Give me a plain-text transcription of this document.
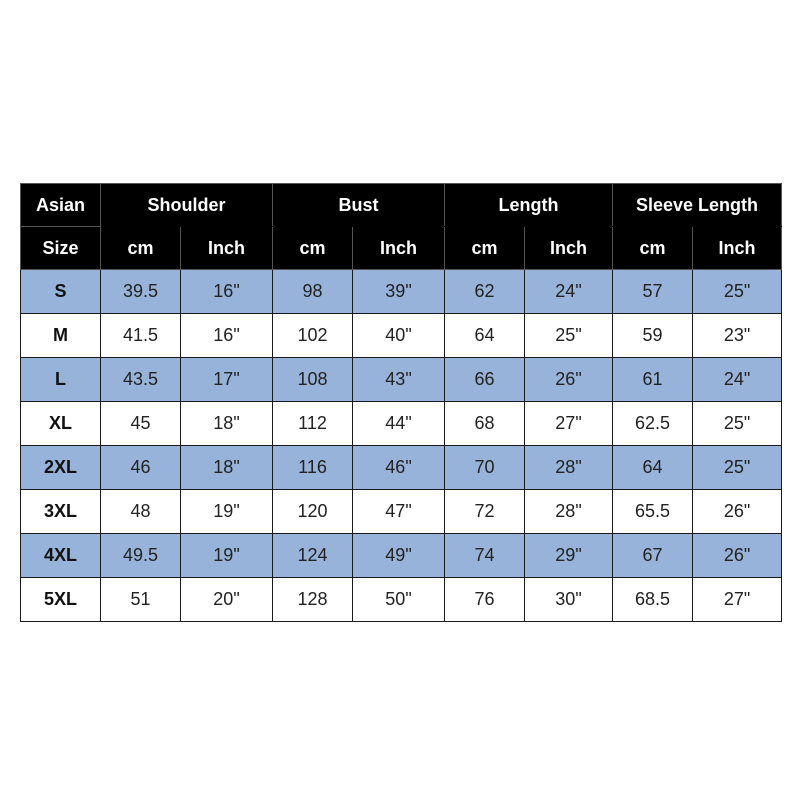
Asian	Shoulder		Bust		Length		Sleeve Length	
Size	cm	Inch	cm	Inch	cm	Inch	cm	Inch
S	39.5	16"	98	39"	62	24"	57	25"
M	41.5	16"	102	40"	64	25"	59	23"
L	43.5	17"	108	43"	66	26"	61	24"
XL	45	18"	112	44"	68	27"	62.5	25"
2XL	46	18"	116	46"	70	28"	64	25"
3XL	48	19"	120	47"	72	28"	65.5	26"
4XL	49.5	19"	124	49"	74	29"	67	26"
5XL	51	20"	128	50"	76	30"	68.5	27"
